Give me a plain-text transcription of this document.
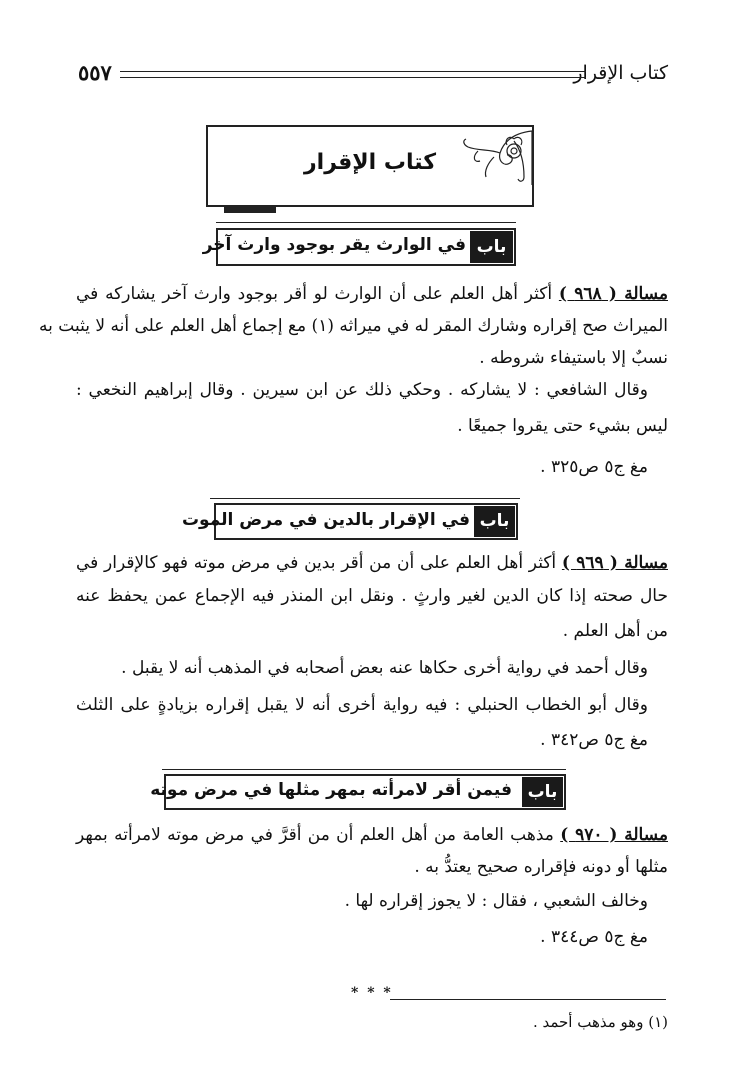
كتاب الإقرار
٥٥٧
كتاب الإقرار
باب
في الوارث يقر بوجود وارث آخر
مسالة ( ٩٦٨ ) أكثر أهل العلم على أن الوارث لو أقر بوجود وارث آخر يشاركه في
الميراث صح إقراره وشارك المقر له في ميراثه (١) مع إجماع أهل العلم على أنه لا يثبت به
نسبٌ إلا باستيفاء شروطه .
وقال الشافعي : لا يشاركه . وحكي ذلك عن ابن سيرين . وقال إبراهيم النخعي :
ليس بشيء حتى يقروا جميعًا .
مغ ج٥ ص٣٢٥ .
باب
في الإقرار بالدين في مرض الموت
مسالة ( ٩٦٩ ) أكثر أهل العلم على أن من أقر بدين في مرض موته فهو كالإقرار في
حال صحته إذا كان الدين لغير وارثٍ . ونقل ابن المنذر فيه الإجماع عمن يحفظ عنه
من أهل العلم .
وقال أحمد في رواية أخرى حكاها عنه بعض أصحابه في المذهب أنه لا يقبل .
وقال أبو الخطاب الحنبلي : فيه رواية أخرى أنه لا يقبل إقراره بزيادةٍ على الثلث
مغ ج٥ ص٣٤٢ .
باب
فيمن أقر لامرأته بمهر مثلها في مرض موته
مسالة ( ٩٧٠ ) مذهب العامة من أهل العلم أن من أقرَّ في مرض موته لامرأته بمهر
مثلها أو دونه فإقراره صحيح يعتدُّ به .
وخالف الشعبي ، فقال : لا يجوز إقراره لها .
مغ ج٥ ص٣٤٤ .
* * *
(١) وهو مذهب أحمد .
